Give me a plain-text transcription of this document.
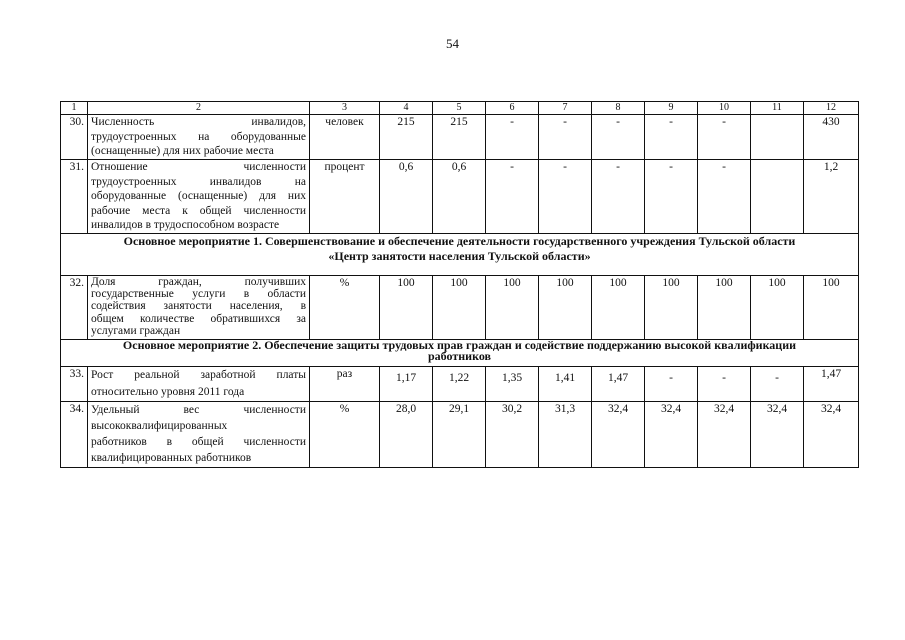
54
1	2	3	4	5	6	7	8	9	10	11	12
30.	Численность инвалидов,
трудоустроенных на оборудованные
(оснащенные) для них рабочие места	человек	215	215	-	-	-	-	-		430
31.	Отношение численности
трудоустроенных инвалидов на
оборудованные (оснащенные) для них
рабочие места к общей численности
инвалидов в трудоспособном возрасте	процент	0,6	0,6	-	-	-	-	-		1,2

Основное мероприятие 1. Совершенствование и обеспечение деятельности государственного учреждения Тульской области
«Центр занятости населения Тульской области»											

32.	Доля граждан, получивших
государственные услуги в области
содействия занятости населения, в
общем количестве обратившихся за
услугами граждан	%	100	100	100	100	100	100	100	100	100

Основное мероприятие 2. Обеспечение защиты трудовых прав граждан и содействие поддержанию высокой квалификации
работников											

33.	Рост реальной заработной платы
относительно уровня 2011 года	раз	1,17	1,22	1,35	1,41	1,47	-	-	-	1,47
34.	Удельный вес численности
высококвалифицированных
работников в общей численности
квалифицированных работников	%	28,0	29,1	30,2	31,3	32,4	32,4	32,4	32,4	32,4
